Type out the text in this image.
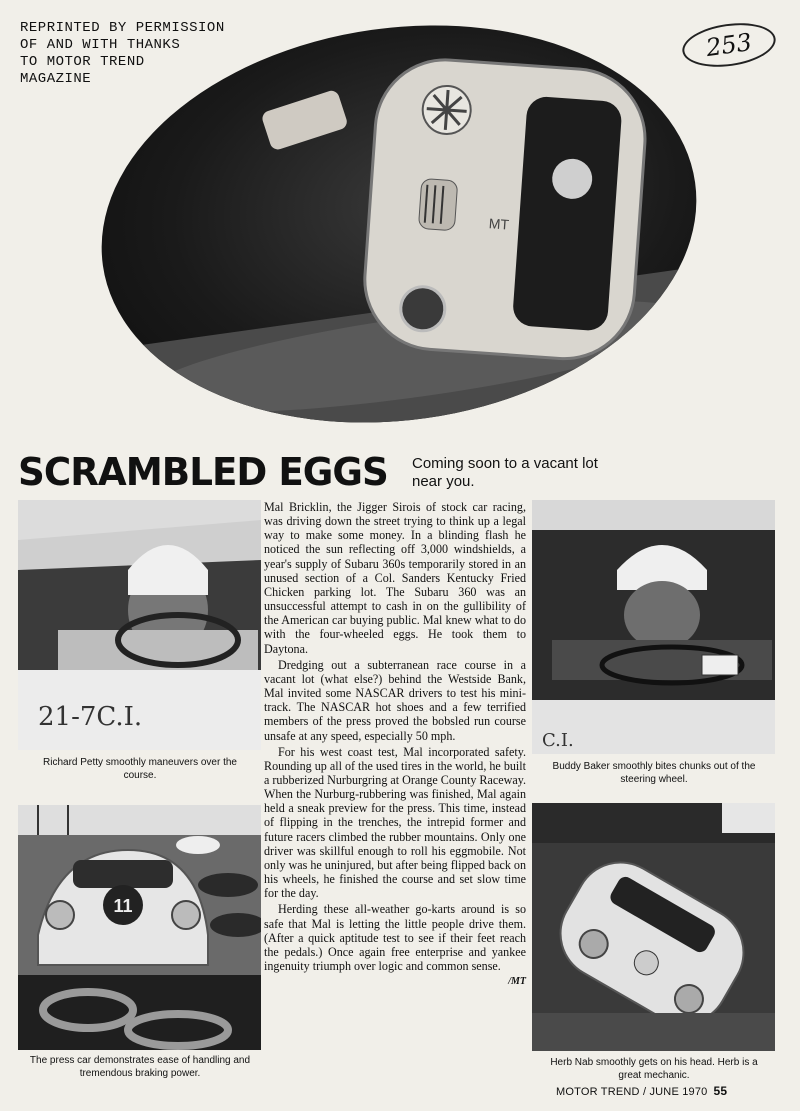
REPRINTED BY PERMISSION
OF AND WITH THANKS
TO MOTOR TREND
MAGAZINE
253
MT
SCRAMBLED EGGS Coming soon to a vacant lot near you.
21-7C.I.
Richard Petty smoothly maneuvers over the course.
11
The press car demonstrates ease of handling and tremendous braking power.

Mal Bricklin, the Jigger Sirois of stock car racing, was driving down the street trying to think up a legal way to make some money. In a blinding flash he noticed the sun reflecting off 3,000 windshields, a year's supply of Subaru 360s temporarily stored in an unused section of a Col. Sanders Kentucky Fried Chicken parking lot. The Subaru 360 was an unsuccessful attempt to cash in on the gullibility of the American car buying public. Mal knew what to do with the four-wheeled eggs. He took them to Daytona.

Dredging out a subterranean race course in a vacant lot (what else?) behind the Westside Bank, Mal invited some NASCAR drivers to test his mini-track. The NASCAR hot shoes and a few terrified members of the press proved the bobsled run course unsafe at any speed, especially 50 mph.

For his west coast test, Mal incorporated safety. Rounding up all of the used tires in the world, he built a rubberized Nurburgring at Orange County Raceway. When the Nurburg-rubbering was finished, Mal again held a sneak preview for the press. This time, instead of flipping in the trenches, the intrepid former and future racers climbed the rubber mountains. Only one driver was skillful enough to roll his eggmobile. Not only was he uninjured, but after being flipped back on his wheels, he finished the course and set slow time for the day.

Herding these all-weather go-karts around is so safe that Mal is letting the little people drive them. (After a quick aptitude test to see if their feet reach the pedals.) Once again free enterprise and yankee ingenuity triumph over logic and common sense.

/MT
C.I.
Buddy Baker smoothly bites chunks out of the steering wheel.
Herb Nab smoothly gets on his head. Herb is a great mechanic.
MOTOR TREND / JUNE 1970 55
